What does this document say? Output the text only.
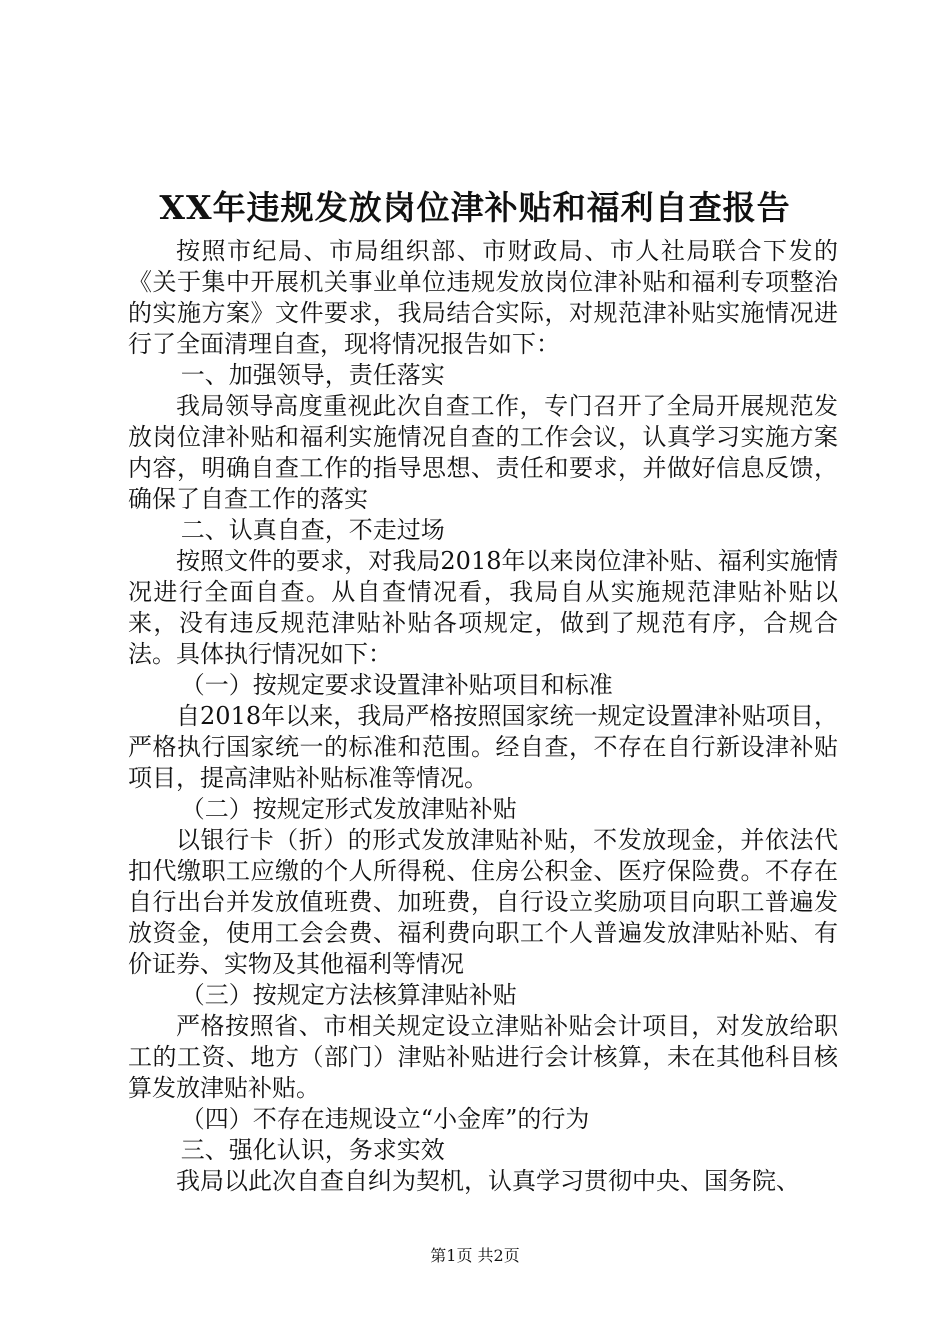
XX年违规发放岗位津补贴和福利自查报告

按照市纪局、市局组织部、市财政局、市人社局联合下发的《关于集中开展机关事业单位违规发放岗位津补贴和福利专项整治的实施方案》文件要求，我局结合实际，对规范津补贴实施情况进行了全面清理自查，现将情况报告如下：

一、加强领导，责任落实

我局领导高度重视此次自查工作，专门召开了全局开展规范发放岗位津补贴和福利实施情况自查的工作会议，认真学习实施方案内容，明确自查工作的指导思想、责任和要求，并做好信息反馈，确保了自查工作的落实

二、认真自查，不走过场

按照文件的要求，对我局2018年以来岗位津补贴、福利实施情况进行全面自查。从自查情况看，我局自从实施规范津贴补贴以来，没有违反规范津贴补贴各项规定，做到了规范有序，合规合法。具体执行情况如下：

（一）按规定要求设置津补贴项目和标准

自2018年以来，我局严格按照国家统一规定设置津补贴项目，严格执行国家统一的标准和范围。经自查，不存在自行新设津补贴项目，提高津贴补贴标准等情况。

（二）按规定形式发放津贴补贴

以银行卡（折）的形式发放津贴补贴，不发放现金，并依法代扣代缴职工应缴的个人所得税、住房公积金、医疗保险费。不存在自行出台并发放值班费、加班费，自行设立奖励项目向职工普遍发放资金，使用工会会费、福利费向职工个人普遍发放津贴补贴、有价证券、实物及其他福利等情况

（三）按规定方法核算津贴补贴

严格按照省、市相关规定设立津贴补贴会计项目，对发放给职工的工资、地方（部门）津贴补贴进行会计核算，未在其他科目核算发放津贴补贴。

（四）不存在违规设立“小金库”的行为

三、强化认识，务求实效

我局以此次自查自纠为契机，认真学习贯彻中央、国务院、

第1页 共2页
